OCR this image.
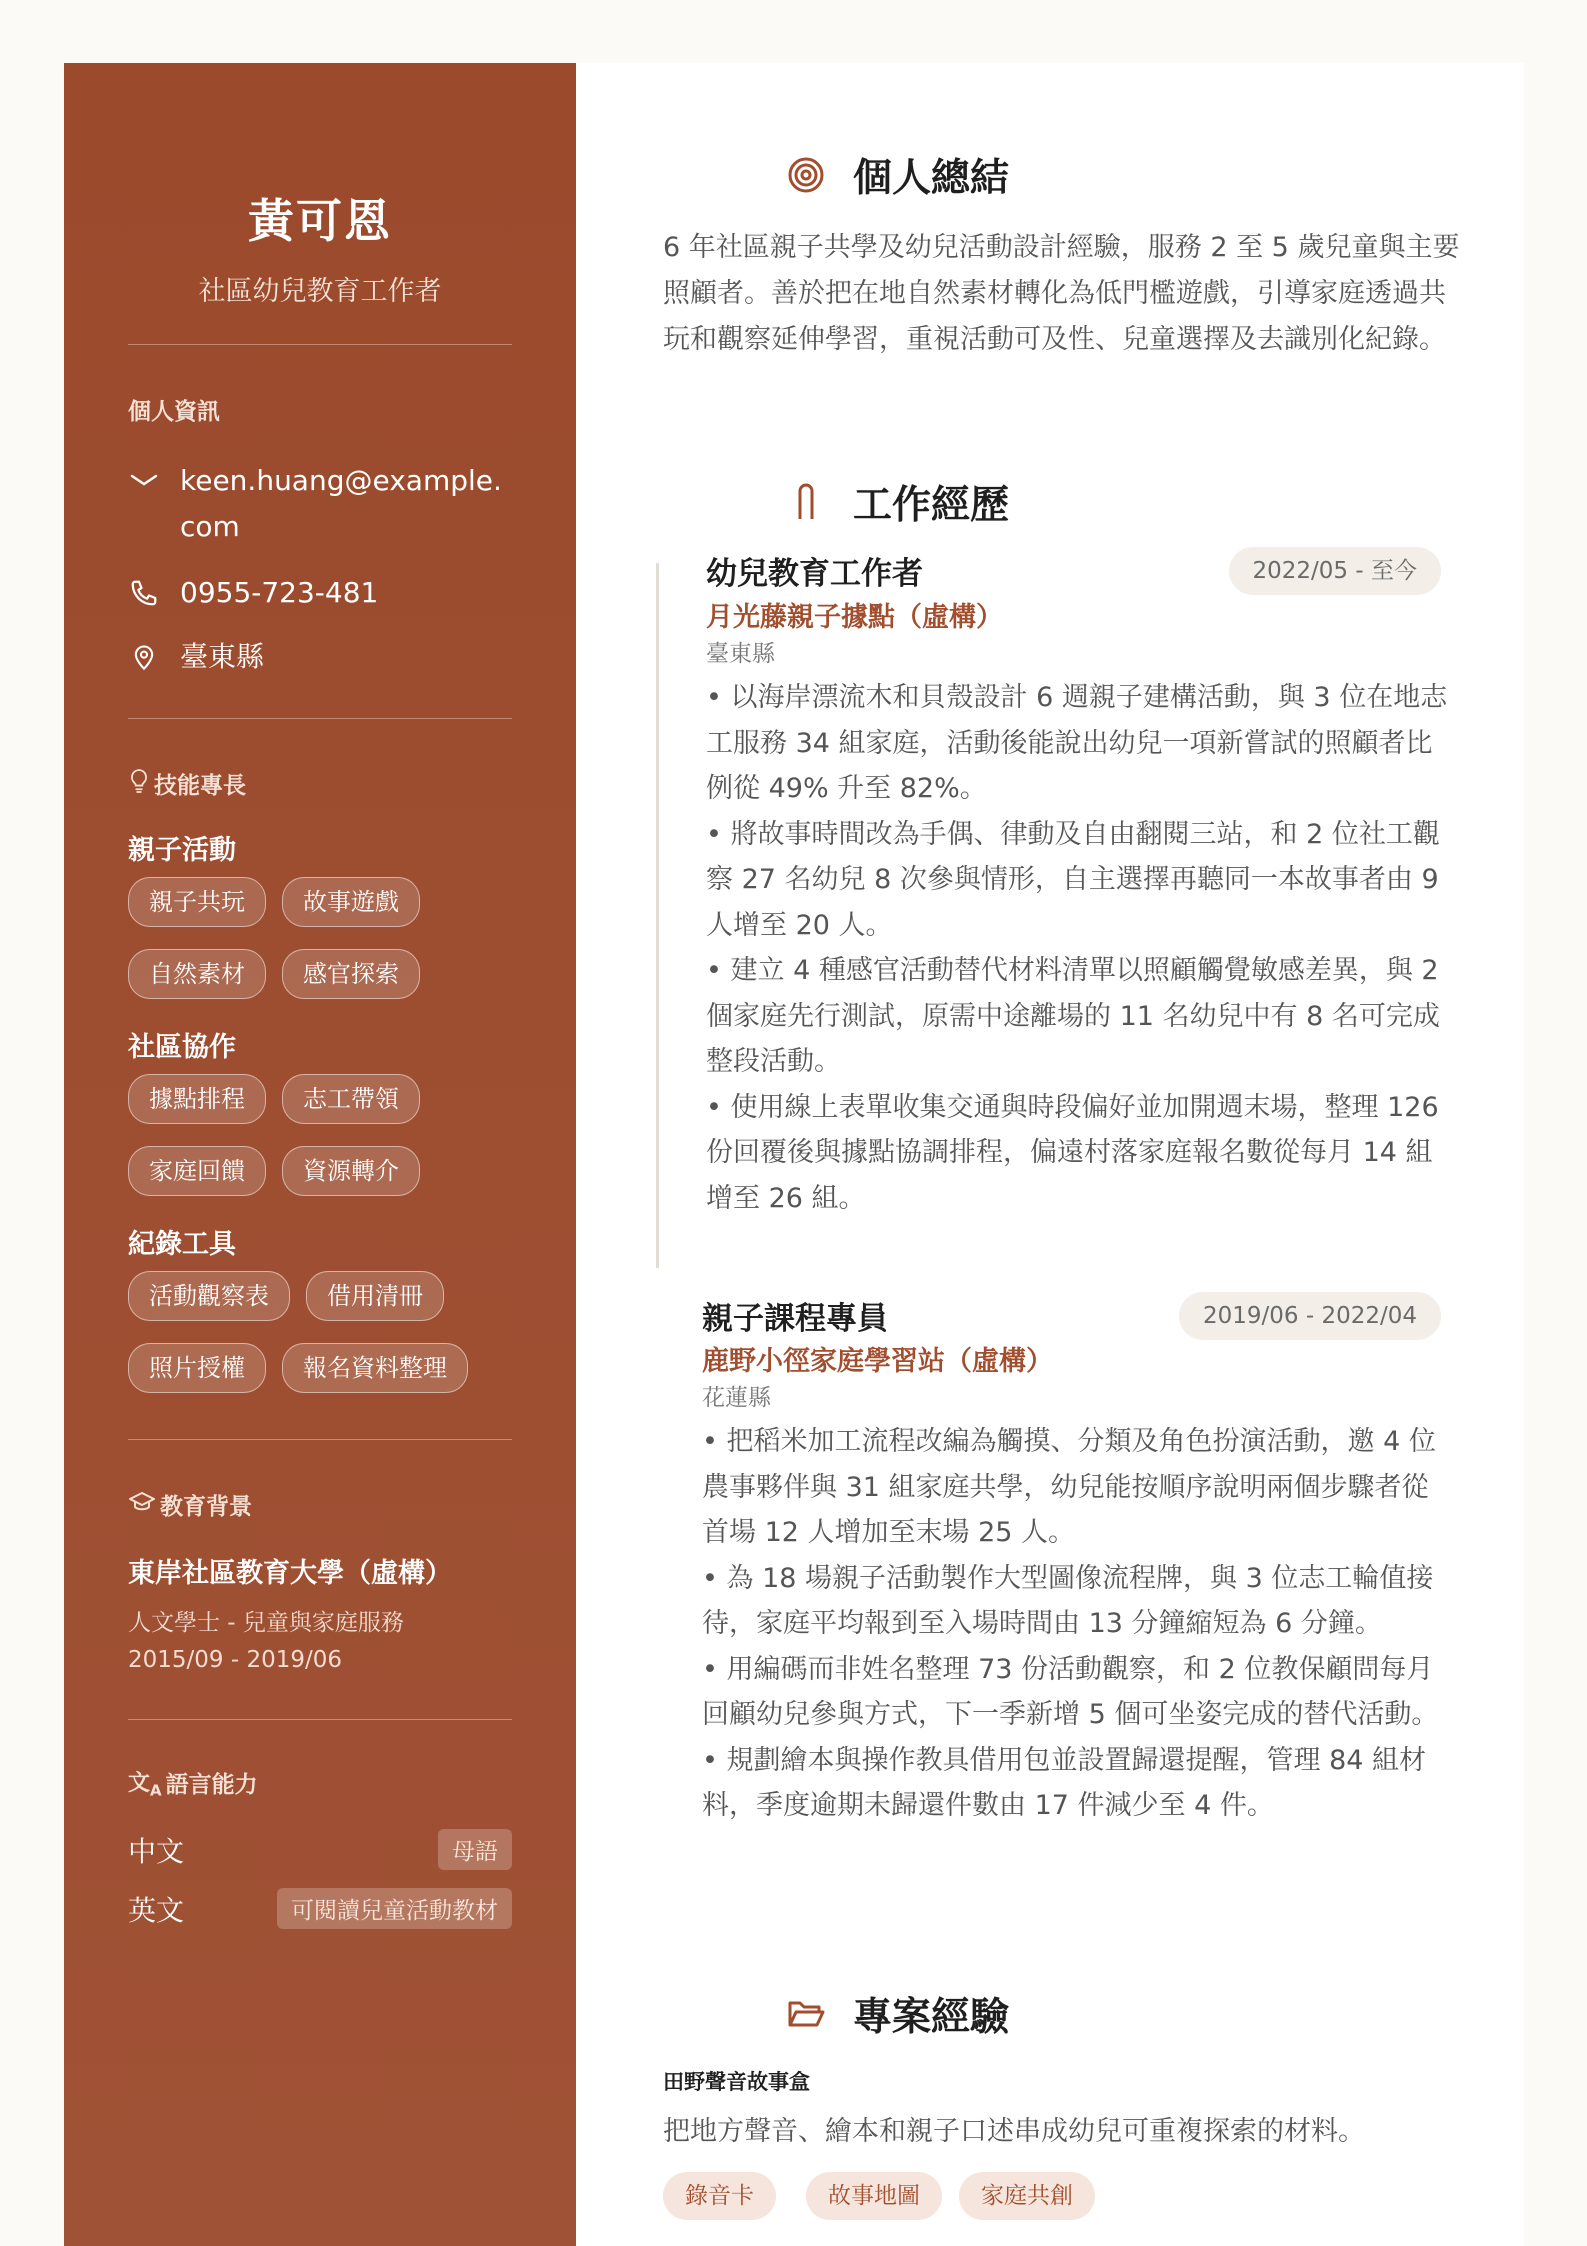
黃可恩
社區幼兒教育工作者
個人資訊
keen.huang@example.com
0955-723-481
臺東縣
技能專長
親子活動
親子共玩	故事遊戲
自然素材	感官探索
社區協作
據點排程	志工帶領
家庭回饋	資源轉介
紀錄工具
活動觀察表	借用清冊
照片授權	報名資料整理
教育背景
東岸社區教育大學（虛構）
人文學士 - 兒童與家庭服務
2015/09 - 2019/06
文$_A$ 語言能力
中文	母語
英文	可閱讀兒童活動教材
個人總結
6 年社區親子共學及幼兒活動設計經驗，服務 2 至 5 歲兒童與主要照顧者。善於把在地自然素材轉化為低門檻遊戲，引導家庭透過共玩和觀察延伸學習，重視活動可及性、兒童選擇及去識別化紀錄。
工作經歷
幼兒教育工作者	2022/05 - 至今
月光藤親子據點（虛構）
臺東縣
• 以海岸漂流木和貝殼設計 6 週親子建構活動，與 3 位在地志工服務 34 組家庭，活動後能說出幼兒一項新嘗試的照顧者比例從 49% 升至 82%。
• 將故事時間改為手偶、律動及自由翻閱三站，和 2 位社工觀察 27 名幼兒 8 次參與情形，自主選擇再聽同一本故事者由 9 人增至 20 人。
• 建立 4 種感官活動替代材料清單以照顧觸覺敏感差異，與 2 個家庭先行測試，原需中途離場的 11 名幼兒中有 8 名可完成整段活動。
• 使用線上表單收集交通與時段偏好並加開週末場，整理 126 份回覆後與據點協調排程，偏遠村落家庭報名數從每月 14 組增至 26 組。
親子課程專員	2019/06 - 2022/04
鹿野小徑家庭學習站（虛構）
花蓮縣
• 把稻米加工流程改編為觸摸、分類及角色扮演活動，邀 4 位農事夥伴與 31 組家庭共學，幼兒能按順序說明兩個步驟者從首場 12 人增加至末場 25 人。
• 為 18 場親子活動製作大型圖像流程牌，與 3 位志工輪值接待，家庭平均報到至入場時間由 13 分鐘縮短為 6 分鐘。
• 用編碼而非姓名整理 73 份活動觀察，和 2 位教保顧問每月回顧幼兒參與方式，下一季新增 5 個可坐姿完成的替代活動。
• 規劃繪本與操作教具借用包並設置歸還提醒，管理 84 組材料，季度逾期未歸還件數由 17 件減少至 4 件。
專案經驗
田野聲音故事盒
把地方聲音、繪本和親子口述串成幼兒可重複探索的材料。
錄音卡	故事地圖	家庭共創
